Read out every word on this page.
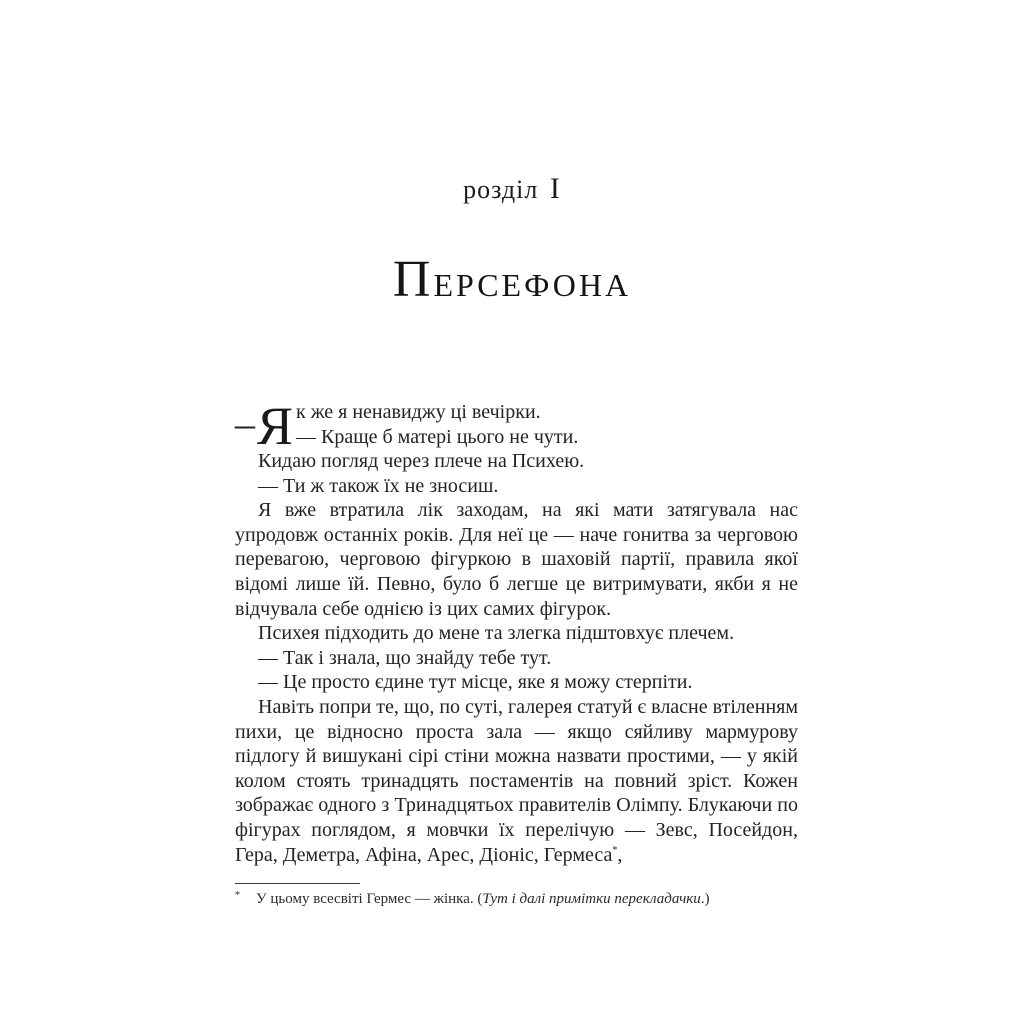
розділ I
Персефона
– Я к же я ненавиджу ці вечірки.
— Краще б матері цього не чути.

Кидаю погляд через плече на Психею.

— Ти ж також їх не зносиш.

Я вже втратила лік заходам, на які мати затягувала нас упродовж останніх років. Для неї це — наче гонитва за черговою перевагою, черговою фігуркою в шаховій партії, правила якої відомі лише їй. Певно, було б легше це витримувати, якби я не відчувала себе однією із цих самих фігурок.

Психея підходить до мене та злегка підштовхує плечем.

— Так і знала, що знайду тебе тут.

— Це просто єдине тут місце, яке я можу стерпіти.

Навіть попри те, що, по суті, галерея статуй є власне втіленням пихи, це відносно проста зала — якщо сяйливу мармурову підлогу й вишукані сірі стіни можна назвати простими, — у якій колом стоять тринадцять постаментів на повний зріст. Кожен зображає одного з Тринадцятьох правителів Олімпу. Блукаючи по фігурах поглядом, я мовчки їх перелічую — Зевс, Посейдон, Гера, Деметра, Афіна, Арес, Діоніс, Гермеса*,

* У цьому всесвіті Гермес — жінка. (Тут і далі примітки перекладачки.)
